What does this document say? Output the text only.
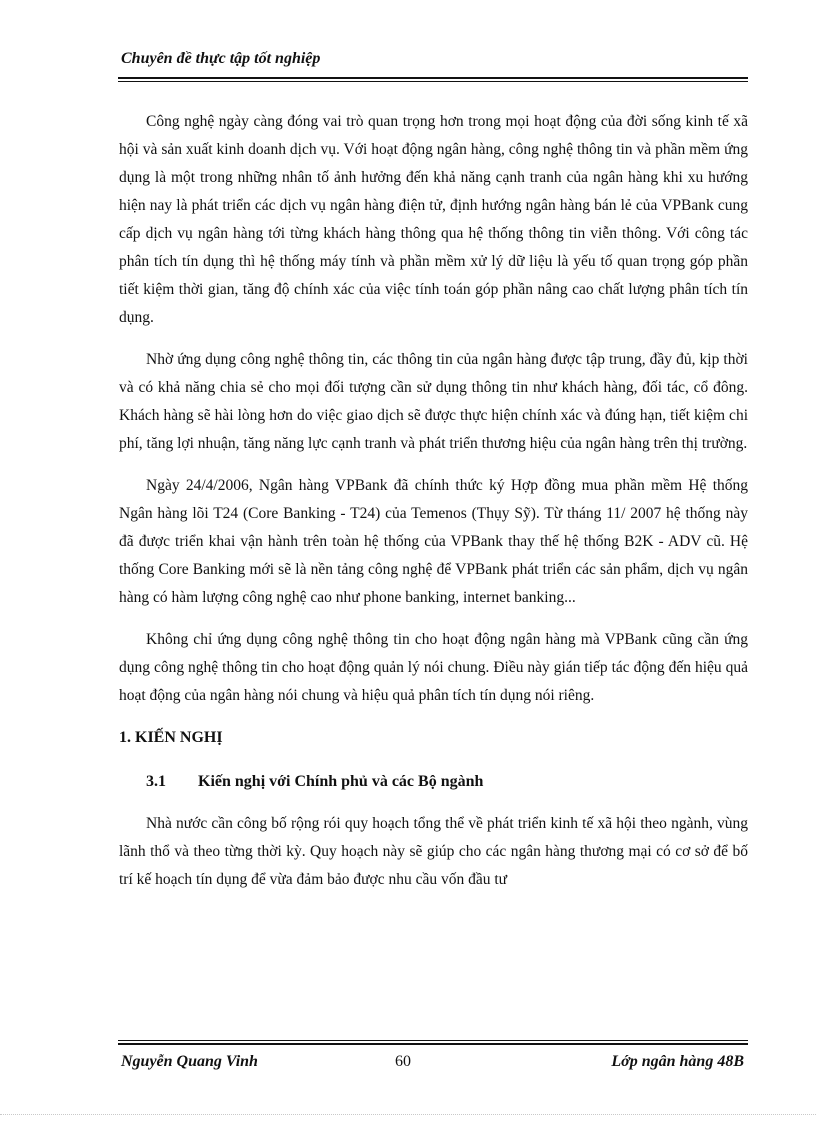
Chuyên đề thực tập tốt nghiệp

Công nghệ ngày càng đóng vai trò quan trọng hơn trong mọi hoạt động của đời sống kinh tế xã hội và sản xuất kinh doanh dịch vụ. Với hoạt động ngân hàng, công nghệ thông tin và phần mềm ứng dụng là một trong những nhân tố ảnh hưởng đến khả năng cạnh tranh của ngân hàng khi xu hướng hiện nay là phát triển các dịch vụ ngân hàng điện tử, định hướng ngân hàng bán lẻ của VPBank cung cấp dịch vụ ngân hàng tới từng khách hàng thông qua hệ thống thông tin viễn thông. Với công tác phân tích tín dụng thì hệ thống máy tính và phần mềm xử lý dữ liệu là yếu tố quan trọng góp phần tiết kiệm thời gian, tăng độ chính xác của việc tính toán góp phần nâng cao chất lượng phân tích tín dụng.

Nhờ ứng dụng công nghệ thông tin, các thông tin của ngân hàng được tập trung, đầy đủ, kịp thời và có khả năng chia sẻ cho mọi đối tượng cần sử dụng thông tin như khách hàng, đối tác, cổ đông. Khách hàng sẽ hài lòng hơn do việc giao dịch sẽ được thực hiện chính xác và đúng hạn, tiết kiệm chi phí, tăng lợi nhuận, tăng năng lực cạnh tranh và phát triển thương hiệu của ngân hàng trên thị trường.

Ngày 24/4/2006, Ngân hàng VPBank đã chính thức ký Hợp đồng mua phần mềm Hệ thống Ngân hàng lõi T24 (Core Banking - T24) của Temenos (Thụy Sỹ). Từ tháng 11/ 2007 hệ thống này đã được triển khai vận hành trên toàn hệ thống của VPBank thay thế hệ thống B2K - ADV cũ. Hệ thống Core Banking mới sẽ là nền tảng công nghệ để VPBank phát triển các sản phẩm, dịch vụ ngân hàng có hàm lượng công nghệ cao như phone banking, internet banking...

Không chỉ ứng dụng công nghệ thông tin cho hoạt động ngân hàng mà VPBank cũng cần ứng dụng công nghệ thông tin cho hoạt động quản lý nói chung. Điều này gián tiếp tác động đến hiệu quả hoạt động của ngân hàng nói chung và hiệu quả phân tích tín dụng nói riêng.

1. KIẾN NGHỊ
3.1 Kiến nghị với Chính phủ và các Bộ ngành

Nhà nước cần công bố rộng rói quy hoạch tổng thể về phát triển kinh tế xã hội theo ngành, vùng lãnh thổ và theo từng thời kỳ. Quy hoạch này sẽ giúp cho các ngân hàng thương mại có cơ sở để bố trí kế hoạch tín dụng để vừa đảm bảo được nhu cầu vốn đầu tư

Nguyễn Quang Vinh	60	Lớp ngân hàng 48B
